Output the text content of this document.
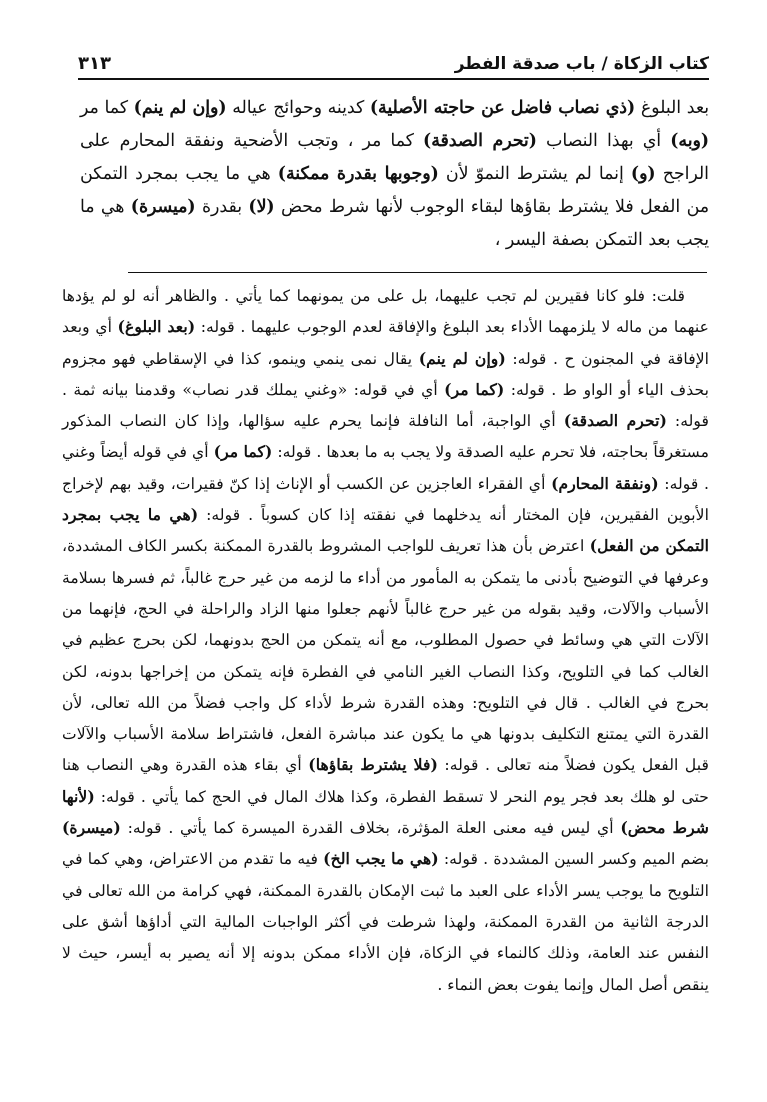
كتاب الزكاة / باب صدقة الفطر
٣١٣

بعد البلوغ (ذي نصاب فاضل عن حاجته الأصلية) كدينه وحوائج عياله (وإن لم ينم) كما مر (وبه) أي بهذا النصاب (تحرم الصدقة) كما مر ، وتجب الأضحية ونفقة المحارم على الراجح (و) إنما لم يشترط النموّ لأن (وجوبها بقدرة ممكنة) هي ما يجب بمجرد التمكن من الفعل فلا يشترط بقاؤها لبقاء الوجوب لأنها شرط محض (لا) بقدرة (ميسرة) هي ما يجب بعد التمكن بصفة اليسر ،

قلت: فلو كانا فقيرين لم تجب عليهما، بل على من يمونهما كما يأتي . والظاهر أنه لو لم يؤدها عنهما من ماله لا يلزمهما الأداء بعد البلوغ والإفاقة لعدم الوجوب عليهما . قوله: (بعد البلوغ) أي وبعد الإفاقة في المجنون ح . قوله: (وإن لم ينم) يقال نمى ينمي وينمو، كذا في الإسقاطي فهو مجزوم بحذف الياء أو الواو ط . قوله: (كما مر) أي في قوله: «وغني يملك قدر نصاب» وقدمنا بيانه ثمة . قوله: (تحرم الصدقة) أي الواجبة، أما النافلة فإنما يحرم عليه سؤالها، وإذا كان النصاب المذكور مستغرقاً بحاجته، فلا تحرم عليه الصدقة ولا يجب به ما بعدها . قوله: (كما مر) أي في قوله أيضاً وغني . قوله: (ونفقة المحارم) أي الفقراء العاجزين عن الكسب أو الإناث إذا كنّ فقيرات، وقيد بهم لإخراج الأبوين الفقيرين، فإن المختار أنه يدخلهما في نفقته إذا كان كسوباً . قوله: (هي ما يجب بمجرد التمكن من الفعل) اعترض بأن هذا تعريف للواجب المشروط بالقدرة الممكنة بكسر الكاف المشددة، وعرفها في التوضيح بأدنى ما يتمكن به المأمور من أداء ما لزمه من غير حرج غالباً، ثم فسرها بسلامة الأسباب والآلات، وقيد بقوله من غير حرج غالباً لأنهم جعلوا منها الزاد والراحلة في الحج، فإنهما من الآلات التي هي وسائط في حصول المطلوب، مع أنه يتمكن من الحج بدونهما، لكن بحرج عظيم في الغالب كما في التلويح، وكذا النصاب الغير النامي في الفطرة فإنه يتمكن من إخراجها بدونه، لكن بحرج في الغالب . قال في التلويح: وهذه القدرة شرط لأداء كل واجب فضلاً من الله تعالى، لأن القدرة التي يمتنع التكليف بدونها هي ما يكون عند مباشرة الفعل، فاشتراط سلامة الأسباب والآلات قبل الفعل يكون فضلاً منه تعالى . قوله: (فلا يشترط بقاؤها) أي بقاء هذه القدرة وهي النصاب هنا حتى لو هلك بعد فجر يوم النحر لا تسقط الفطرة، وكذا هلاك المال في الحج كما يأتي . قوله: (لأنها شرط محض) أي ليس فيه معنى العلة المؤثرة، بخلاف القدرة الميسرة كما يأتي . قوله: (ميسرة) بضم الميم وكسر السين المشددة . قوله: (هي ما يجب الخ) فيه ما تقدم من الاعتراض، وهي كما في التلويح ما يوجب يسر الأداء على العبد ما ثبت الإمكان بالقدرة الممكنة، فهي كرامة من الله تعالى في الدرجة الثانية من القدرة الممكنة، ولهذا شرطت في أكثر الواجبات المالية التي أداؤها أشق على النفس عند العامة، وذلك كالنماء في الزكاة، فإن الأداء ممكن بدونه إلا أنه يصير به أيسر، حيث لا ينقص أصل المال وإنما يفوت بعض النماء .
